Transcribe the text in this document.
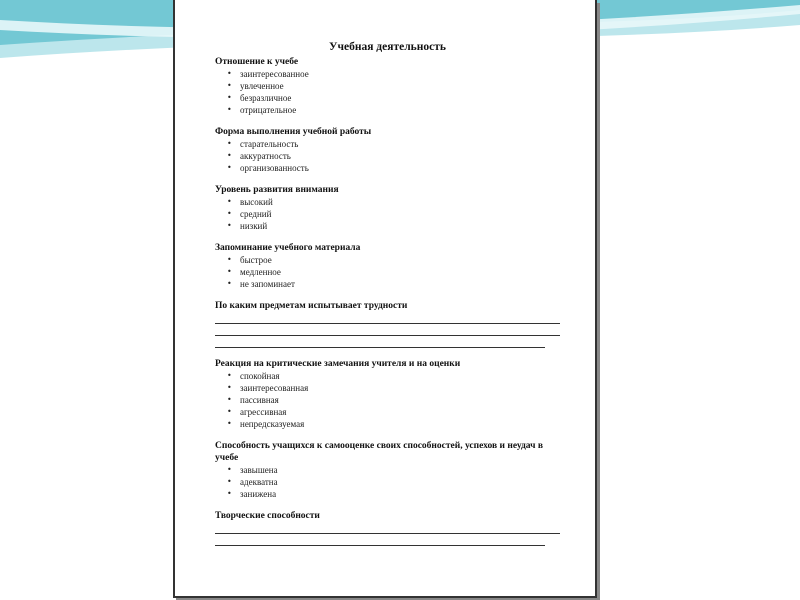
Учебная деятельность
Отношение к учебе
• заинтересованное
• увлеченное
• безразличное
• отрицательное
Форма выполнения учебной работы
• старательность
• аккуратность
• организованность
Уровень развития внимания
• высокий
• средний
• низкий
Запоминание учебного материала
• быстрое
• медленное
• не запоминает
По каким предметам испытывает трудности
Реакция на критические замечания учителя и на оценки
• спокойная
• заинтересованная
• пассивная
• агрессивная
• непредсказуемая
Способность учащихся к самооценке своих способностей, успехов и неудач в учебе
• завышена
• адекватна
• занижена
Творческие способности
